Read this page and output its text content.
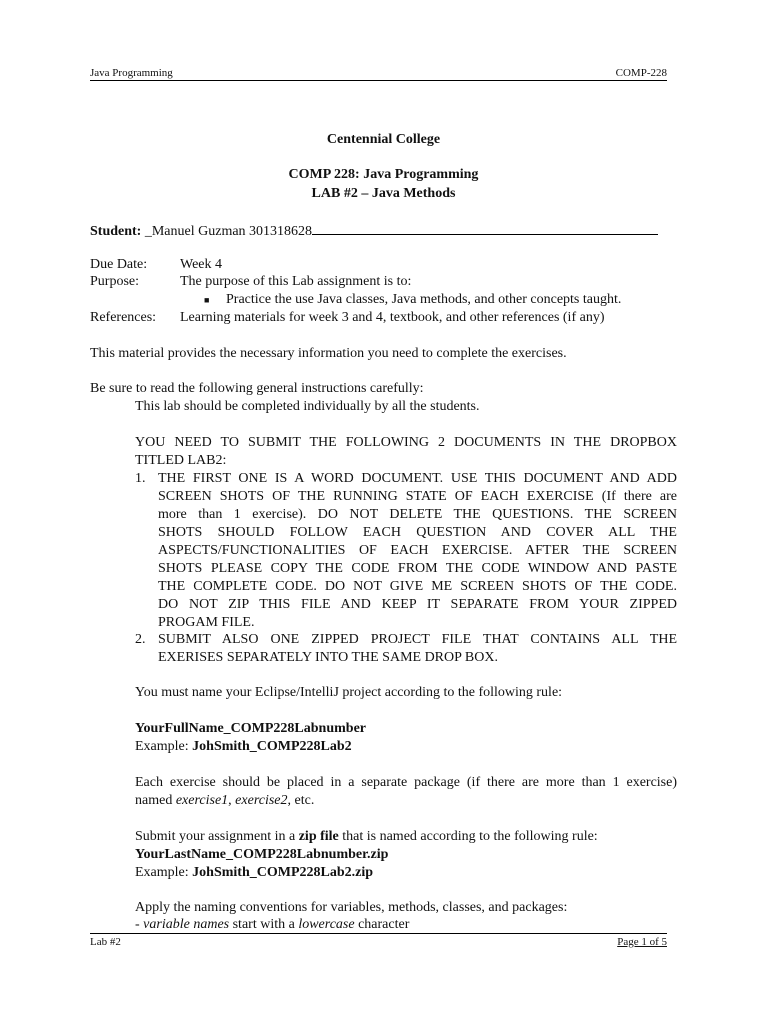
Java Programming	COMP-228
Centennial College
COMP 228: Java Programming
LAB #2 – Java Methods
Student: _Manuel Guzman 301318628
Due Date: Week 4
Purpose:	The purpose of this Lab assignment is to:
■ Practice the use Java classes, Java methods, and other concepts taught.
References: Learning materials for week 3 and 4, textbook, and other references (if any)
This material provides the necessary information you need to complete the exercises.
Be sure to read the following general instructions carefully:
This lab should be completed individually by all the students.
YOU NEED TO SUBMIT THE FOLLOWING 2 DOCUMENTS IN THE DROPBOX
TITLED LAB2:
1. THE FIRST ONE IS A WORD DOCUMENT. USE THIS DOCUMENT AND ADD
SCREEN SHOTS OF THE RUNNING STATE OF EACH EXERCISE (If there are
more than 1 exercise). DO NOT DELETE THE QUESTIONS. THE SCREEN
SHOTS SHOULD FOLLOW EACH QUESTION AND COVER ALL THE
ASPECTS/FUNCTIONALITIES OF EACH EXERCISE. AFTER THE SCREEN
SHOTS PLEASE COPY THE CODE FROM THE CODE WINDOW AND PASTE
THE COMPLETE CODE. DO NOT GIVE ME SCREEN SHOTS OF THE CODE.
DO NOT ZIP THIS FILE AND KEEP IT SEPARATE FROM YOUR ZIPPED
PROGAM FILE.
2. SUBMIT ALSO ONE ZIPPED PROJECT FILE THAT CONTAINS ALL THE
EXERISES SEPARATELY INTO THE SAME DROP BOX.
You must name your Eclipse/IntelliJ project according to the following rule:
YourFullName_COMP228Labnumber
Example: JohSmith_COMP228Lab2
Each exercise should be placed in a separate package (if there are more than 1 exercise)
named exercise1, exercise2, etc.
Submit your assignment in a zip file that is named according to the following rule:
YourLastName_COMP228Labnumber.zip
Example: JohSmith_COMP228Lab2.zip
Apply the naming conventions for variables, methods, classes, and packages:
- variable names start with a lowercase character
Lab #2	Page 1 of 5
